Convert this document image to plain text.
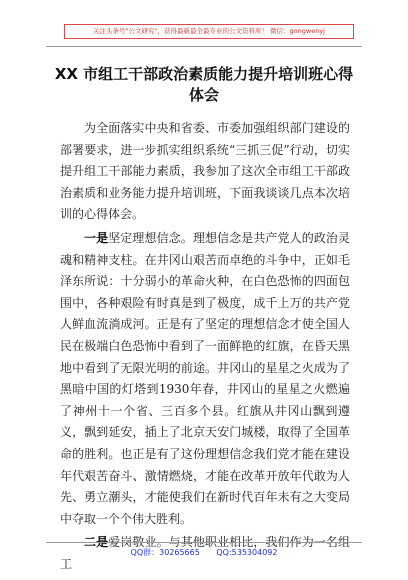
关注头条号"公文研究"，获得最新最全最专业的公文资料库！ 微信：gongwenyj
XX 市组工干部政治素质能力提升培训班心得体会

为全面落实中央和省委、市委加强组织部门建设的部署要求，进一步抓实组织系统“三抓三促”行动，切实提升组工干部能力素质，我参加了这次全市组工干部政治素质和业务能力提升培训班，下面我谈谈几点本次培训的心得体会。

一是坚定理想信念。理想信念是共产党人的政治灵魂和精神支柱。在井冈山艰苦而卓绝的斗争中，正如毛泽东所说：十分弱小的革命火种，在白色恐怖的四面包围中，各种艰险有时真是到了极度，成千上万的共产党人鲜血流淌成河。正是有了坚定的理想信念才使全国人民在极端白色恐怖中看到了一面鲜艳的红旗，在昏天黑地中看到了无限光明的前途。井冈山的星星之火成为了黑暗中国的灯塔到1930年春，井冈山的星星之火燃遍了神州十一个省、三百多个县。红旗从井冈山飘到遵义，飘到延安，插上了北京天安门城楼，取得了全国革命的胜利。也正是有了这份理想信念我们党才能在建设年代艰苦奋斗、激情燃烧，才能在改革开放年代敢为人先、勇立潮头，才能使我们在新时代百年未有之大变局中夺取一个个伟大胜利。

二是爱岗敬业。与其他职业相比，我们作为一名组工

QQ群：30265665 QQ:535304092
